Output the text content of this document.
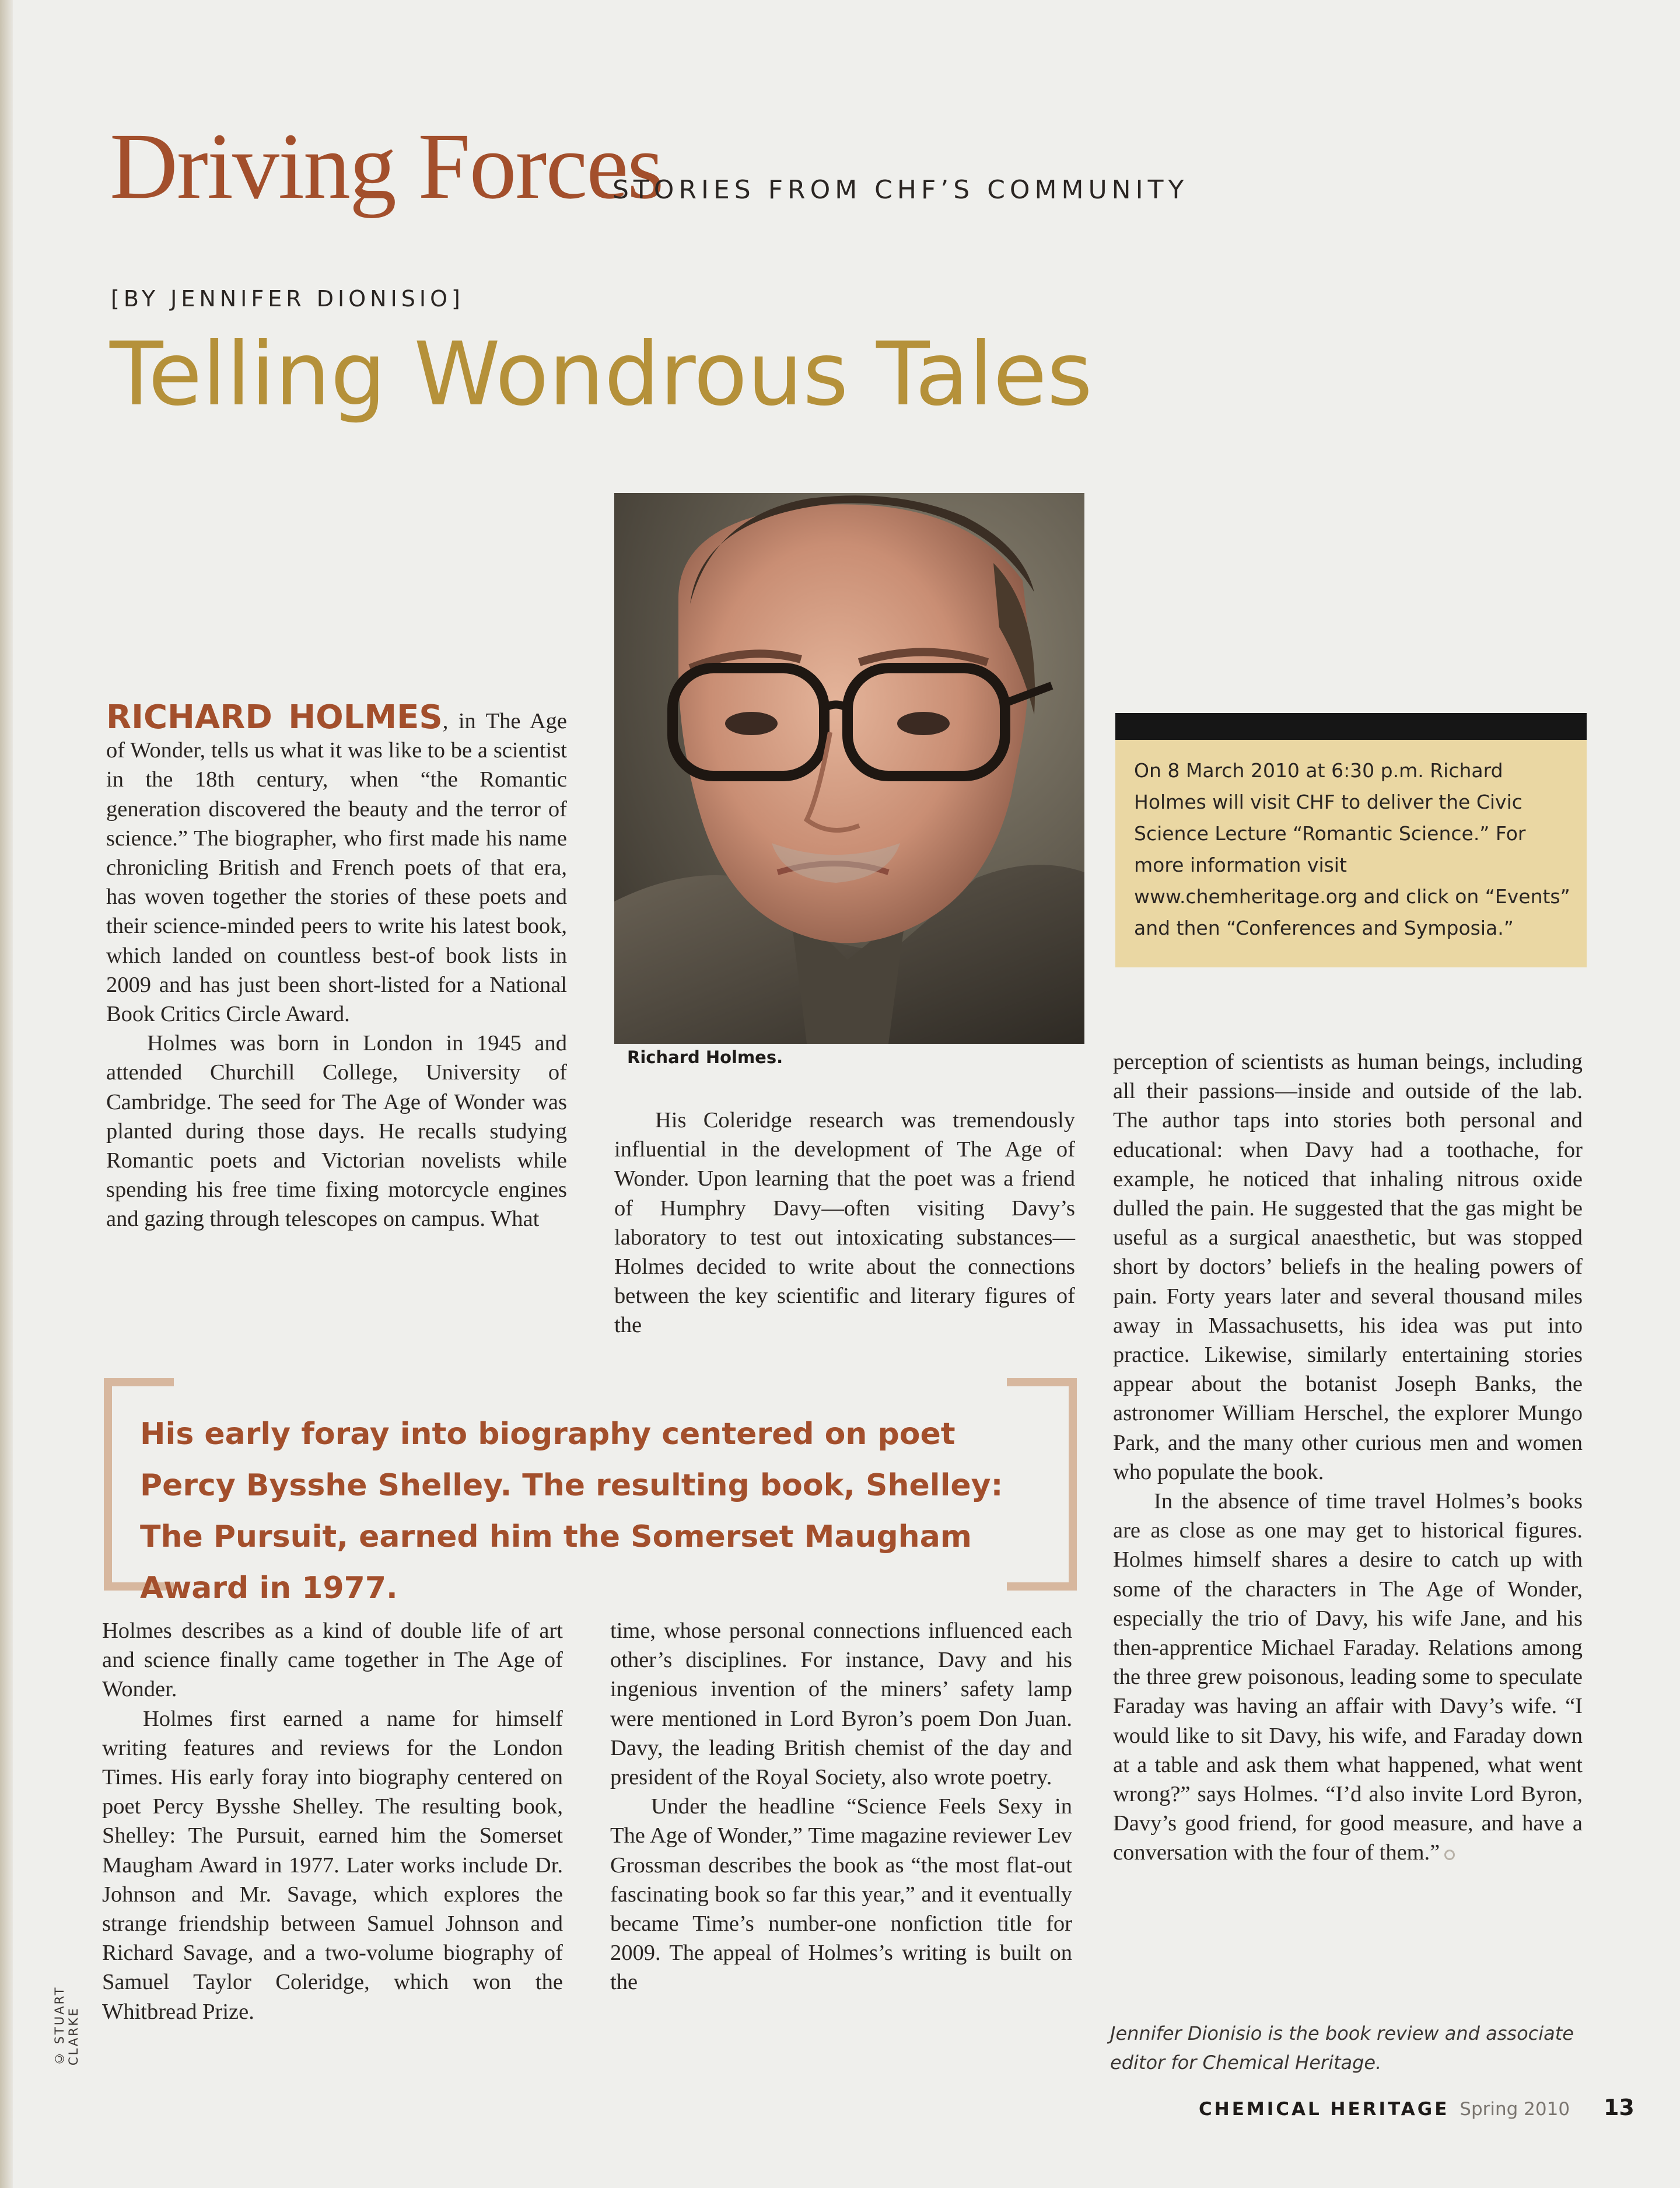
Driving Forces
STORIES FROM CHF’S COMMUNITY
[BY JENNIFER DIONISIO]
Telling Wondrous Tales
Richard Holmes.

RICHARD HOLMES, in The Age of Wonder, tells us what it was like to be a scientist in the 18th century, when “the Romantic generation discovered the beauty and the terror of science.” The biographer, who first made his name chronicling British and French poets of that era, has woven together the stories of these poets and their science-minded peers to write his latest book, which landed on countless best-of book lists in 2009 and has just been short-listed for a National Book Critics Circle Award.

Holmes was born in London in 1945 and attended Churchill College, University of Cambridge. The seed for The Age of Wonder was planted during those days. He recalls studying Romantic poets and Victorian novelists while spending his free time fixing motorcycle engines and gazing through telescopes on campus. What

His Coleridge research was tremendously influential in the development of The Age of Wonder. Upon learning that the poet was a friend of Humphry Davy—often visiting Davy’s laboratory to test out intoxicating substances—Holmes decided to write about the connections between the key scientific and literary figures of the

On 8 March 2010 at 6:30 p.m. Richard Holmes will visit CHF to deliver the Civic Science Lecture “Romantic Science.” For more information visit www.chemheritage.org and click on “Events” and then “Conferences and Symposia.”
His early foray into biography centered on poet Percy Bysshe Shelley. The resulting book, Shelley: The Pursuit, earned him the Somerset Maugham Award in 1977.

Holmes describes as a kind of double life of art and science finally came together in The Age of Wonder.

Holmes first earned a name for himself writing features and reviews for the London Times. His early foray into biography centered on poet Percy Bysshe Shelley. The resulting book, Shelley: The Pursuit, earned him the Somerset Maugham Award in 1977. Later works include Dr. Johnson and Mr. Savage, which explores the strange friendship between Samuel Johnson and Richard Savage, and a two-volume biography of Samuel Taylor Coleridge, which won the Whitbread Prize.

time, whose personal connections influenced each other’s disciplines. For instance, Davy and his ingenious invention of the miners’ safety lamp were mentioned in Lord Byron’s poem Don Juan. Davy, the leading British chemist of the day and president of the Royal Society, also wrote poetry.

Under the headline “Science Feels Sexy in The Age of Wonder,” Time magazine reviewer Lev Grossman describes the book as “the most flat-out fascinating book so far this year,” and it eventually became Time’s number-one nonfiction title for 2009. The appeal of Holmes’s writing is built on the

perception of scientists as human beings, including all their passions—inside and outside of the lab. The author taps into stories both personal and educational: when Davy had a toothache, for example, he noticed that inhaling nitrous oxide dulled the pain. He suggested that the gas might be useful as a surgical anaesthetic, but was stopped short by doctors’ beliefs in the healing powers of pain. Forty years later and several thousand miles away in Massachusetts, his idea was put into practice. Likewise, similarly entertaining stories appear about the botanist Joseph Banks, the astronomer William Herschel, the explorer Mungo Park, and the many other curious men and women who populate the book.

In the absence of time travel Holmes’s books are as close as one may get to historical figures. Holmes himself shares a desire to catch up with some of the characters in The Age of Wonder, especially the trio of Davy, his wife Jane, and his then-apprentice Michael Faraday. Relations among the three grew poisonous, leading some to speculate Faraday was having an affair with Davy’s wife. “I would like to sit Davy, his wife, and Faraday down at a table and ask them what happened, what went wrong?” says Holmes. “I’d also invite Lord Byron, Davy’s good friend, for good measure, and have a conversation with the four of them.”

Jennifer Dionisio is the book review and associate editor for Chemical Heritage.
© STUART CLARKE
CHEMICAL HERITAGE Spring 2010 13
